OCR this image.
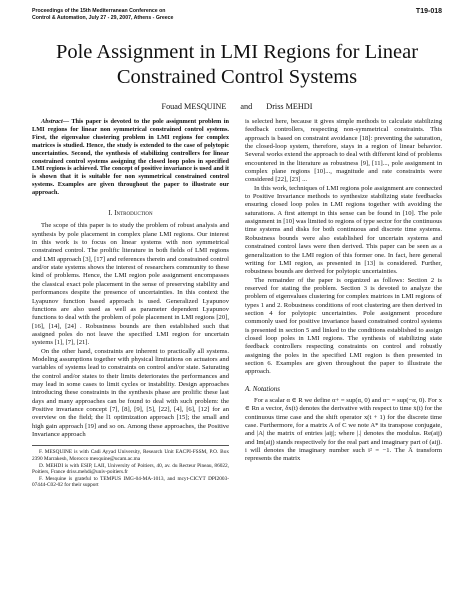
Proceedings of the 15th Mediterranean Conference on
Control & Automation, July 27 - 29, 2007, Athens - Greece
T19-018
Pole Assignment in LMI Regions for Linear Constrained Control Systems
Fouad MESQUINE and Driss MEHDI

Abstract— This paper is devoted to the pole assignment problem in LMI regions for linear non symmetrical constrained control systems. First, the eigenvalue clustering problem in LMI regions for complex matrices is studied. Hence, the study is extended to the case of polytopic uncertainties. Second, the synthesis of stabilizing controllers for linear constrained control systems assigning the closed loop poles in specified LMI regions is achieved. The concept of positive invariance is used and it is shown that it is suitable for non symmetrical constrained control systems. Examples are given throughout the paper to illustrate our approach.

I. Introduction

The scope of this paper is to study the problem of robust analysis and synthesis by pole placement in complex plane LMI regions. Our interest in this work is to focus on linear systems with non symmetrical constrained control. The prolific literature in both fields of LMI regions and LMI approach [3], [17] and references therein and constrained control and/or state systems shows the interest of researchers community to these kind of problems. Hence, the LMI region pole assignment encompasses the classical exact pole placement in the sense of preserving stability and performances despite the presence of uncertainties. In this context the Lyapunov function based approach is used. Generalized Lyapunov functions are also used as well as parameter dependent Lyapunov functions to deal with the problem of pole placement in LMI regions [20], [16], [14], [24] . Robustness bounds are then established such that assigned poles do not leave the specified LMI region for uncertain systems [1], [7], [21].

On the other hand, constraints are inherent to practically all systems. Modeling assumptions together with physical limitations on actuators and variables of systems lead to constraints on control and/or state. Saturating the control and/or states to their limits deteriorates the performances and may lead in some cases to limit cycles or instability. Design approaches introducing these constraints in the synthesis phase are prolific these last days and many approaches can be found to deal with such problem: the Positive invariance concept [7], [8], [9], [5], [22], [4], [6], [12] for an overview on the field; the l1 optimization approach [15]; the small and high gain approach [19] and so on. Among these approaches, the Positive Invariance approach

F. MESQUINE is with Cadi Ayyad University, Research Unit EACPI-FSSM, P.O. Box 2390 Marrakesh, Morocco mesquine@ucam.ac.ma

D. MEHDI is with ESIP, LAII, University of Poitiers, 40, av. du Recteur Pineau, 86022, Poitiers, France driss.mehdi@univ-poitiers.fr

F. Mesquine is grateful to TEMPUS IMG-04-MA-1013, and mcyt-CICYT DPI2003-07444-C02-02 for their support

is selected here, because it gives simple methods to calculate stabilizing feedback controllers, respecting non-symmetrical constraints. This approach is based on constraint avoidance [18]: preventing the saturation, the closed-loop system, therefore, stays in a region of linear behavior. Several works extend the approach to deal with different kind of problems encountered in the literature as robustness [9], [11]..., pole assignment in complex plane regions [10]..., magnitude and rate constraints were considered [22], [23] ...

In this work, techniques of LMI regions pole assignment are connected to Positive Invariance methods to synthesize stabilizing state feedbacks ensuring closed loop poles in LMI regions together with avoiding the saturations. A first attempt in this sense can be found in [10]. The pole assignment in [10] was limited to regions of type sector for the continuous time systems and disks for both continuous and discrete time systems. Robustness bounds were also established for uncertain systems and constrained control laws were then derived. This paper can be seen as a generalization to the LMI region of this former one. In fact, here general writing for LMI region, as presented in [13] is considered. Further, robustness bounds are derived for polytopic uncertainties.

The remainder of the paper is organized as follows: Section 2 is reserved for stating the problem. Section 3 is devoted to analyze the problem of eigenvalues clustering for complex matrices in LMI regions of types 1 and 2. Robustness conditions of root clustering are then derived in section 4 for polytopic uncertainties. Pole assignment procedure commonly used for positive invariance based constrained control systems is presented in section 5 and linked to the conditions established to assign closed loop poles in LMI regions. The synthesis of stabilizing state feedback controllers respecting constraints on control and robustly assigning the poles in the specified LMI region is then presented in section 6. Examples are given throughout the paper to illustrate the approach.

A. Notations

For a scalar α ∈ R we define α+ = sup(α, 0) and α− = sup(−α, 0). For x ∈ Rn a vector, δx(t) denotes the derivative with respect to time ẋ(t) for the continuous time case and the shift operator x(t + 1) for the discrete time case. Furthermore, for a matrix A of C we note A* its transpose conjugate, and |A| the matrix of entries |aij|; where |.| denotes the modulus. Re(aij) and Im(aij) stands respectively for the real part and imaginary part of (aij). i will denotes the imaginary number such i² = −1. The Ā transform represents the matrix
